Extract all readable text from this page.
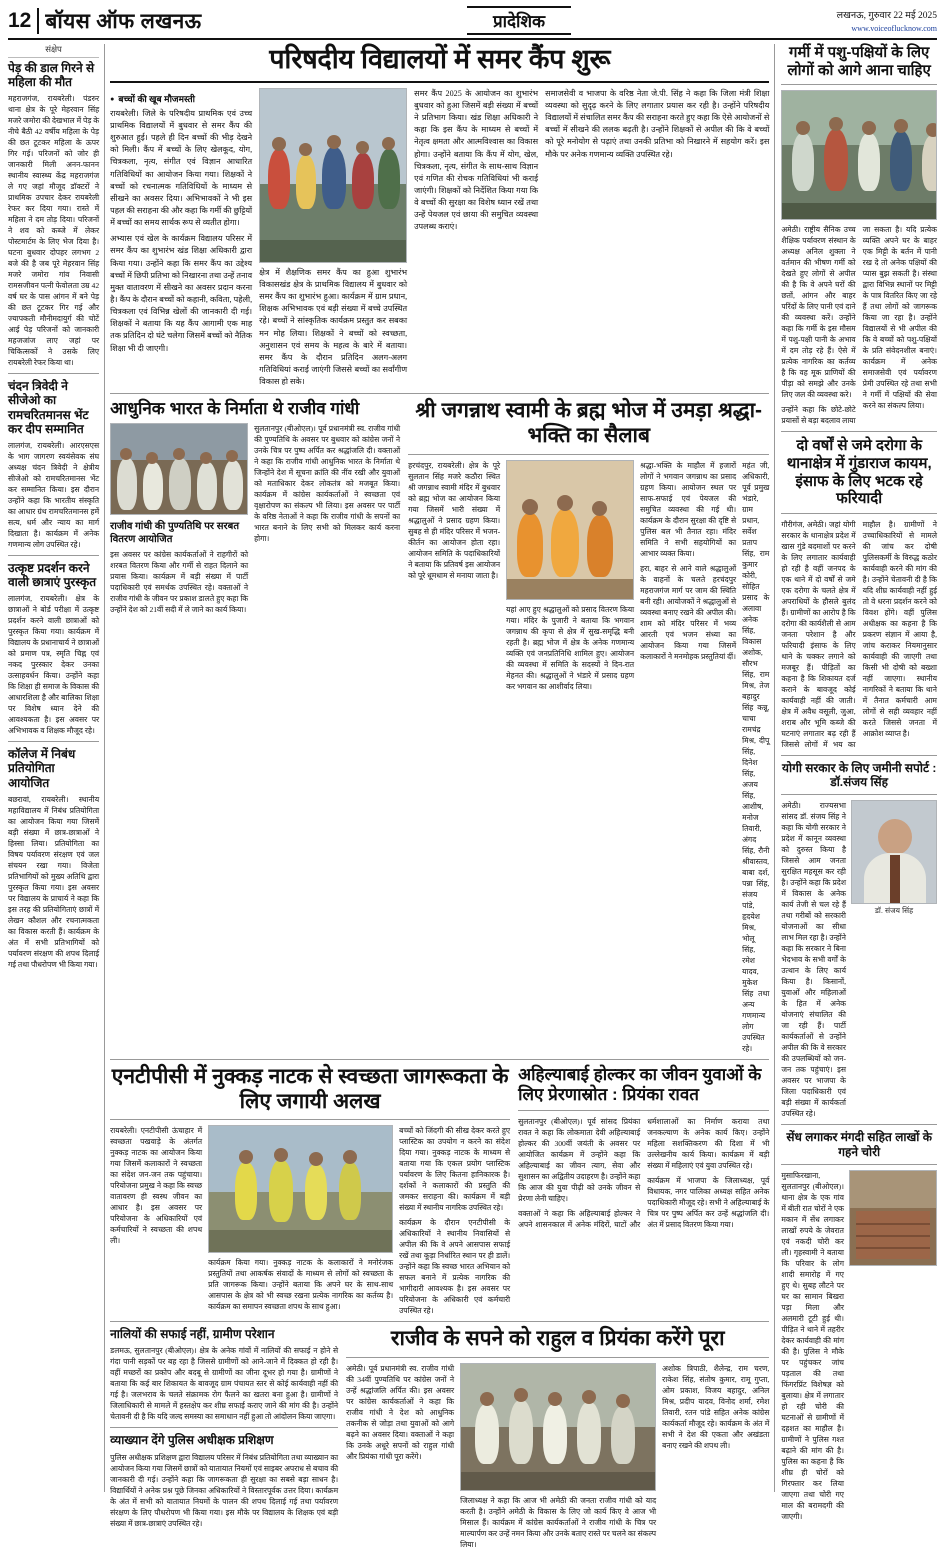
12 बॉयस ऑफ लखनऊ	प्रादेशिक	लखनऊ, गुरुवार 22 मई 2025
www.voiceoflucknow.com
संक्षेप
पेड़ की डाल गिरने से महिला की मौत
महराजगंज, रायबरेली। पंडरुर थाना क्षेत्र के पूरे मेहरवान सिंह मजरे जमोरा की देखभाल में पेड़ के नीचे बैठी 42 वर्षीय महिला के पेड़ की छत टूटकर महिला के ऊपर गिर गई। परिजनों को जोर ही जानकारी मिली अनन-फानन स्थानीय स्वास्थ्य केंद्र महराजगंज ले गए जहां मौजूद डॉक्टरों ने प्राथमिक उपचार देकर रायबरेली रेफर कर दिया गया। रास्ते में महिला ने दम तोड़ दिया। परिजनों ने शव को कब्जे में लेकर पोस्टमार्टम के लिए भेज दिया है। घटना बुधवार दोपहर लगभग 2 बजे की है जब पूरे मेहरवान सिंह मजरे जमोरा गांव निवासी रामसजीवन पत्नी फेवोलता उम्र 42 वर्ष घर के पास आंगन में बने पेड़ की छत टूटकर गिर गई और ज्यापकती मौनीमदायुर्ग की चोटें आई पेड़ परिजनों को जानकारी महजजांज लाए जहां पर चिकित्सकों ने उसके लिए रायबरेली रेफर किया था।
चंदन त्रिवेदी ने सीजेओ का रामचरितमानस भेंट कर दीप सम्मानित
लालगंज, रायबरेली। आरएसएस के भाग जागरण स्वयंसेवक संघ अध्यक्ष चंदन त्रिवेदी ने क्षेत्रीय सीजेओ को रामचरितमानस भेंट कर सम्मानित किया। इस दौरान उन्होंने कहा कि भारतीय संस्कृति का आधार ग्रंथ रामचरितमानस हमें सत्य, धर्म और न्याय का मार्ग दिखाता है। कार्यक्रम में अनेक गणमान्य लोग उपस्थित रहे।
उत्कृष्ट प्रदर्शन करने वाली छात्राएं पुरस्कृत
लालगंज, रायबरेली। क्षेत्र के छात्राओं ने बोर्ड परीक्षा में उत्कृष्ट प्रदर्शन करने वाली छात्राओं को पुरस्कृत किया गया। कार्यक्रम में विद्यालय के प्रधानाचार्य ने छात्राओं को प्रमाण पत्र, स्मृति चिह्न एवं नकद पुरस्कार देकर उनका उत्साहवर्धन किया। उन्होंने कहा कि शिक्षा ही समाज के विकास की आधारशिला है और बालिका शिक्षा पर विशेष ध्यान देने की आवश्यकता है। इस अवसर पर अभिभावक व शिक्षक मौजूद रहे।
कॉलेज में निबंध प्रतियोगिता आयोजित
बछरावां, रायबरेली। स्थानीय महाविद्यालय में निबंध प्रतियोगिता का आयोजन किया गया जिसमें बड़ी संख्या में छात्र-छात्राओं ने हिस्सा लिया। प्रतियोगिता का विषय पर्यावरण संरक्षण एवं जल संचयन रखा गया। विजेता प्रतिभागियों को मुख्य अतिथि द्वारा पुरस्कृत किया गया। इस अवसर पर विद्यालय के प्राचार्य ने कहा कि इस तरह की प्रतियोगिताएं छात्रों में लेखन कौशल और रचनात्मकता का विकास करती हैं। कार्यक्रम के अंत में सभी प्रतिभागियों को पर्यावरण संरक्षण की शपथ दिलाई गई तथा पौधरोपण भी किया गया।
परिषदीय विद्यालयों में समर कैंप शुरू
● बच्चों की खूब मौजमस्ती
रायबरेली। जिले के परिषदीय प्राथमिक एवं उच्च प्राथमिक विद्यालयों में बुधवार से समर कैंप की शुरुआत हुई। पहले ही दिन बच्चों की भीड़ देखने को मिली। कैंप में बच्चों के लिए खेलकूद, योग, चित्रकला, नृत्य, संगीत एवं विज्ञान आधारित गतिविधियों का आयोजन किया गया। शिक्षकों ने बच्चों को रचनात्मक गतिविधियों के माध्यम से सीखने का अवसर दिया। अभिभावकों ने भी इस पहल की सराहना की और कहा कि गर्मी की छुट्टियों में बच्चों का समय सार्थक रूप से व्यतीत होगा।
अभ्यास एवं खेल के कार्यक्रम विद्यालय परिसर में समर कैंप का शुभारंभ खंड शिक्षा अधिकारी द्वारा किया गया। उन्होंने कहा कि समर कैंप का उद्देश्य बच्चों में छिपी प्रतिभा को निखारना तथा उन्हें तनाव मुक्त वातावरण में सीखने का अवसर प्रदान करना है। कैंप के दौरान बच्चों को कहानी, कविता, पहेली, चित्रकला एवं विभिन्न खेलों की जानकारी दी गई। शिक्षकों ने बताया कि यह कैंप आगामी एक माह तक प्रतिदिन दो घंटे चलेगा जिसमें बच्चों को नैतिक शिक्षा भी दी जाएगी।
क्षेत्र में शैक्षणिक समर कैंप का हुआ शुभारंभ विकासखंड क्षेत्र के प्राथमिक विद्यालय में बुधवार को समर कैंप का शुभारंभ हुआ। कार्यक्रम में ग्राम प्रधान, शिक्षक अभिभावक एवं बड़ी संख्या में बच्चे उपस्थित रहे। बच्चों ने सांस्कृतिक कार्यक्रम प्रस्तुत कर सबका मन मोह लिया। शिक्षकों ने बच्चों को स्वच्छता, अनुशासन एवं समय के महत्व के बारे में बताया। समर कैंप के दौरान प्रतिदिन अलग-अलग गतिविधियां कराई जाएंगी जिससे बच्चों का सर्वांगीण विकास हो सके।
समर कैंप 2025 के आयोजन का शुभारंभ बुधवार को हुआ जिसमें बड़ी संख्या में बच्चों ने प्रतिभाग किया। खंड शिक्षा अधिकारी ने कहा कि इस कैंप के माध्यम से बच्चों में नेतृत्व क्षमता और आत्मविश्वास का विकास होगा। उन्होंने बताया कि कैंप में योग, खेल, चित्रकला, नृत्य, संगीत के साथ-साथ विज्ञान एवं गणित की रोचक गतिविधियां भी कराई जाएंगी। शिक्षकों को निर्देशित किया गया कि वे बच्चों की सुरक्षा का विशेष ध्यान रखें तथा उन्हें पेयजल एवं छाया की समुचित व्यवस्था उपलब्ध कराएं।
समाजसेवी व भाजपा के वरिष्ठ नेता जे.पी. सिंह ने कहा कि जिला मंत्री शिक्षा व्यवस्था को सुदृढ़ करने के लिए लगातार प्रयास कर रही है। उन्होंने परिषदीय विद्यालयों में संचालित समर कैंप की सराहना करते हुए कहा कि ऐसे आयोजनों से बच्चों में सीखने की ललक बढ़ती है। उन्होंने शिक्षकों से अपील की कि वे बच्चों को पूरे मनोयोग से पढ़ाएं तथा उनकी प्रतिभा को निखारने में सहयोग करें। इस मौके पर अनेक गणमान्य व्यक्ति उपस्थित रहे।
आधुनिक भारत के निर्माता थे राजीव गांधी
राजीव गांधी की पुण्यतिथि पर सरबत वितरण आयोजित
इस अवसर पर कांग्रेस कार्यकर्ताओं ने राहगीरों को शरबत वितरण किया और गर्मी से राहत दिलाने का प्रयास किया। कार्यक्रम में बड़ी संख्या में पार्टी पदाधिकारी एवं समर्थक उपस्थित रहे। वक्ताओं ने राजीव गांधी के जीवन पर प्रकाश डालते हुए कहा कि उन्होंने देश को 21वीं सदी में ले जाने का कार्य किया।
सुलतानपुर (बीओएल)। पूर्व प्रधानमंत्री स्व. राजीव गांधी की पुण्यतिथि के अवसर पर बुधवार को कांग्रेस जनों ने उनके चित्र पर पुष्प अर्पित कर श्रद्धांजलि दी। वक्ताओं ने कहा कि राजीव गांधी आधुनिक भारत के निर्माता थे जिन्होंने देश में सूचना क्रांति की नींव रखी और युवाओं को मताधिकार देकर लोकतंत्र को मजबूत किया। कार्यक्रम में कांग्रेस कार्यकर्ताओं ने स्वच्छता एवं वृक्षारोपण का संकल्प भी लिया। इस अवसर पर पार्टी के वरिष्ठ नेताओं ने कहा कि राजीव गांधी के सपनों का भारत बनाने के लिए सभी को मिलकर कार्य करना होगा।
श्री जगन्नाथ स्वामी के ब्रह्म भोज में उमड़ा श्रद्धा-भक्ति का सैलाब
हरचंदपुर, रायबरेली। क्षेत्र के पूरे सुलतान सिंह मजरे कठौरा स्थित श्री जगन्नाथ स्वामी मंदिर में बुधवार को ब्रह्म भोज का आयोजन किया गया जिसमें भारी संख्या में श्रद्धालुओं ने प्रसाद ग्रहण किया। सुबह से ही मंदिर परिसर में भजन-कीर्तन का आयोजन होता रहा। आयोजन समिति के पदाधिकारियों ने बताया कि प्रतिवर्ष इस आयोजन को पूरे धूमधाम से मनाया जाता है।
यहां आए हुए श्रद्धालुओं को प्रसाद वितरण किया गया। मंदिर के पुजारी ने बताया कि भगवान जगन्नाथ की कृपा से क्षेत्र में सुख-समृद्धि बनी रहती है। ब्रह्म भोज में क्षेत्र के अनेक गणमान्य व्यक्ति एवं जनप्रतिनिधि शामिल हुए। आयोजन की व्यवस्था में समिति के सदस्यों ने दिन-रात मेहनत की। श्रद्धालुओं ने भंडारे में प्रसाद ग्रहण कर भगवान का आशीर्वाद लिया।
श्रद्धा-भक्ति के माहौल में हजारों लोगों ने भगवान जगन्नाथ का प्रसाद ग्रहण किया। आयोजन स्थल पर साफ-सफाई एवं पेयजल की समुचित व्यवस्था की गई थी। कार्यक्रम के दौरान सुरक्षा की दृष्टि से पुलिस बल भी तैनात रहा। मंदिर समिति ने सभी सहयोगियों का आभार व्यक्त किया।
हरा, बाहर से आने वाले श्रद्धालुओं के वाहनों के चलते हरचंदपुर महराजगंज मार्ग पर जाम की स्थिति बनी रही। आयोजकों ने श्रद्धालुओं से व्यवस्था बनाए रखने की अपील की। शाम को मंदिर परिसर में भव्य आरती एवं भजन संध्या का आयोजन किया गया जिसमें कलाकारों ने मनमोहक प्रस्तुतियां दीं।
महंत जी, अधिकारी, पूर्व प्रमुख भंडारे, ग्राम प्रधान, सर्वेश प्रताप सिंह, राम कुमार कोरी, सोहित प्रसाद के अलावा अनेक सिंह, विकास अशोक, सौरभ सिंह, राम मिश्र, तेज बहादुर सिंह कन्नू, चाचा रामचंद्र मिश्र, दीपू सिंह, दिनेश सिंह, अजय सिंह, आशीष, मनोज तिवारी, अंगद सिंह, रौनी श्रीवास्तव, बाबा दर्श, पन्ना सिंह, संजय पांडे, हृदयेश मिश्र, भोलू सिंह, रमेश यादव, मुकेश सिंह तथा अन्य गणमान्य लोग उपस्थित रहे।
एनटीपीसी में नुक्कड़ नाटक से स्वच्छता जागरूकता के लिए जगायी अलख
रायबरेली। एनटीपीसी ऊंचाहार में स्वच्छता पखवाड़े के अंतर्गत नुक्कड़ नाटक का आयोजन किया गया जिसमें कलाकारों ने स्वच्छता का संदेश जन-जन तक पहुंचाया। परियोजना प्रमुख ने कहा कि स्वच्छ वातावरण ही स्वस्थ जीवन का आधार है। इस अवसर पर परियोजना के अधिकारियों एवं कर्मचारियों ने स्वच्छता की शपथ ली।
कार्यक्रम किया गया। नुक्कड़ नाटक के कलाकारों ने मनोरंजक प्रस्तुतियों तथा आकर्षक संवादों के माध्यम से लोगों को स्वच्छता के प्रति जागरूक किया। उन्होंने बताया कि अपने घर के साथ-साथ आसपास के क्षेत्र को भी स्वच्छ रखना प्रत्येक नागरिक का कर्तव्य है। कार्यक्रम का समापन स्वच्छता शपथ के साथ हुआ।
बच्चों को जिंदगी की सीख देकर करते हुए प्लास्टिक का उपयोग न करने का संदेश दिया गया। नुक्कड़ नाटक के माध्यम से बताया गया कि एकल प्रयोग प्लास्टिक पर्यावरण के लिए कितना हानिकारक है। दर्शकों ने कलाकारों की प्रस्तुति की जमकर सराहना की। कार्यक्रम में बड़ी संख्या में स्थानीय नागरिक उपस्थित रहे।
कार्यक्रम के दौरान एनटीपीसी के अधिकारियों ने स्थानीय निवासियों से अपील की कि वे अपने आसपास सफाई रखें तथा कूड़ा निर्धारित स्थान पर ही डालें। उन्होंने कहा कि स्वच्छ भारत अभियान को सफल बनाने में प्रत्येक नागरिक की भागीदारी आवश्यक है। इस अवसर पर परियोजना के अधिकारी एवं कर्मचारी उपस्थित रहे।
अहिल्याबाई होल्कर का जीवन युवाओं के लिए प्रेरणास्रोत : प्रियंका रावत
सुलतानपुर (बीओएल)। पूर्व सांसद प्रियंका रावत ने कहा कि लोकमाता देवी अहिल्याबाई होल्कर की 300वीं जयंती के अवसर पर आयोजित कार्यक्रम में उन्होंने कहा कि अहिल्याबाई का जीवन त्याग, सेवा और सुशासन का अद्वितीय उदाहरण है। उन्होंने कहा कि आज की युवा पीढ़ी को उनके जीवन से प्रेरणा लेनी चाहिए।
वक्ताओं ने कहा कि अहिल्याबाई होल्कर ने अपने शासनकाल में अनेक मंदिरों, घाटों और धर्मशालाओं का निर्माण कराया तथा जनकल्याण के अनेक कार्य किए। उन्होंने महिला सशक्तिकरण की दिशा में भी उल्लेखनीय कार्य किया। कार्यक्रम में बड़ी संख्या में महिलाएं एवं युवा उपस्थित रहे।
कार्यक्रम में भाजपा के जिलाध्यक्ष, पूर्व विधायक, नगर पालिका अध्यक्ष सहित अनेक पदाधिकारी मौजूद रहे। सभी ने अहिल्याबाई के चित्र पर पुष्प अर्पित कर उन्हें श्रद्धांजलि दी। अंत में प्रसाद वितरण किया गया।
नालियों की सफाई नहीं, ग्रामीण परेशान
डलमऊ, सुलतानपुर (बीओएल)। क्षेत्र के अनेक गांवों में नालियों की सफाई न होने से गंदा पानी सड़कों पर बह रहा है जिससे ग्रामीणों को आने-जाने में दिक्कत हो रही है। वहीं मच्छरों का प्रकोप और बदबू से ग्रामीणों का जीना दूभर हो गया है। ग्रामीणों ने बताया कि कई बार शिकायत के बावजूद ग्राम पंचायत स्तर से कोई कार्यवाही नहीं की गई है। जलभराव के चलते संक्रामक रोग फैलने का खतरा बना हुआ है। ग्रामीणों ने जिलाधिकारी से मामले में हस्तक्षेप कर शीघ्र सफाई कराए जाने की मांग की है। उन्होंने चेतावनी दी है कि यदि जल्द समस्या का समाधान नहीं हुआ तो आंदोलन किया जाएगा।
व्याख्यान देंगे पुलिस अधीक्षक प्रशिक्षण
पुलिस अधीक्षक प्रशिक्षण द्वारा विद्यालय परिसर में निबंध प्रतियोगिता तथा व्याख्यान का आयोजन किया गया जिसमें छात्रों को यातायात नियमों एवं साइबर अपराध से बचाव की जानकारी दी गई। उन्होंने कहा कि जागरूकता ही सुरक्षा का सबसे बड़ा साधन है। विद्यार्थियों ने अनेक प्रश्न पूछे जिनका अधिकारियों ने विस्तारपूर्वक उत्तर दिया। कार्यक्रम के अंत में सभी को यातायात नियमों के पालन की शपथ दिलाई गई तथा पर्यावरण संरक्षण के लिए पौधरोपण भी किया गया। इस मौके पर विद्यालय के शिक्षक एवं बड़ी संख्या में छात्र-छात्राएं उपस्थित रहे।
राजीव के सपने को राहुल व प्रियंका करेंगे पूरा
अमेठी। पूर्व प्रधानमंत्री स्व. राजीव गांधी की 34वीं पुण्यतिथि पर कांग्रेस जनों ने उन्हें श्रद्धांजलि अर्पित की। इस अवसर पर कांग्रेस कार्यकर्ताओं ने कहा कि राजीव गांधी ने देश को आधुनिक तकनीक से जोड़ा तथा युवाओं को आगे बढ़ने का अवसर दिया। वक्ताओं ने कहा कि उनके अधूरे सपनों को राहुल गांधी और प्रियंका गांधी पूरा करेंगे।
जिलाध्यक्ष ने कहा कि आज भी अमेठी की जनता राजीव गांधी को याद करती है। उन्होंने अमेठी के विकास के लिए जो कार्य किए वे आज भी मिसाल हैं। कार्यक्रम में कांग्रेस कार्यकर्ताओं ने राजीव गांधी के चित्र पर माल्यार्पण कर उन्हें नमन किया और उनके बताए रास्ते पर चलने का संकल्प लिया।
अशोक त्रिपाठी, शैलेन्द्र, राम चरण, राकेश सिंह, संतोष कुमार, रामू गुप्ता, ओम प्रकाश, विजय बहादुर, अनिल मिश्र, प्रदीप यादव, विनोद शर्मा, रमेश तिवारी, रतन पांडे सहित अनेक कांग्रेस कार्यकर्ता मौजूद रहे। कार्यक्रम के अंत में सभी ने देश की एकता और अखंडता बनाए रखने की शपथ ली।
गर्मी में पशु-पक्षियों के लिए लोगों को आगे आना चाहिए
अमेठी। राष्ट्रीय सैनिक उच्च शैक्षिक पर्यावरण संस्थान के अध्यक्ष अनिल शुक्ला ने वर्तमान की भीषण गर्मी को देखते हुए लोगों से अपील की है कि वे अपने घरों की छतों, आंगन और बाहर परिंदों के लिए पानी एवं दाने की व्यवस्था करें। उन्होंने कहा कि गर्मी के इस मौसम में पशु-पक्षी पानी के अभाव में दम तोड़ रहे हैं। ऐसे में प्रत्येक नागरिक का कर्तव्य है कि वह मूक प्राणियों की पीड़ा को समझे और उनके लिए जल की व्यवस्था करे।
उन्होंने कहा कि छोटे-छोटे प्रयासों से बड़ा बदलाव लाया जा सकता है। यदि प्रत्येक व्यक्ति अपने घर के बाहर एक मिट्टी के बर्तन में पानी रख दे तो अनेक पक्षियों की प्यास बुझ सकती है। संस्था द्वारा विभिन्न स्थानों पर मिट्टी के पात्र वितरित किए जा रहे हैं तथा लोगों को जागरूक किया जा रहा है। उन्होंने विद्यालयों से भी अपील की कि वे बच्चों को पशु-पक्षियों के प्रति संवेदनशील बनाएं। कार्यक्रम में अनेक समाजसेवी एवं पर्यावरण प्रेमी उपस्थित रहे तथा सभी ने गर्मी में पक्षियों की सेवा करने का संकल्प लिया।
दो वर्षों से जमे दरोगा के थानाक्षेत्र में गुंडाराज कायम, इंसाफ के लिए भटक रहे फरियादी
गौरीगंज, अमेठी। जहां योगी सरकार के थानाक्षेत्र प्रदेश में खास गुंडे बदमाशों पर करने के लिए लगातार कार्यवाही हो रही है वहीं जनपद के एक थाने में दो वर्षों से जमे एक दरोगा के चलते क्षेत्र में अपराधियों के हौसले बुलंद हैं। ग्रामीणों का आरोप है कि दरोगा की कार्यशैली से आम जनता परेशान है और फरियादी इंसाफ के लिए थाने के चक्कर लगाने को मजबूर हैं। पीड़ितों का कहना है कि शिकायत दर्ज कराने के बावजूद कोई कार्यवाही नहीं की जाती। क्षेत्र में अवैध वसूली, जुआ, शराब और भूमि कब्जे की घटनाएं लगातार बढ़ रही हैं जिससे लोगों में भय का माहौल है। ग्रामीणों ने उच्चाधिकारियों से मामले की जांच कर दोषी पुलिसकर्मी के विरुद्ध कठोर कार्यवाही करने की मांग की है। उन्होंने चेतावनी दी है कि यदि शीघ्र कार्यवाही नहीं हुई तो वे धरना प्रदर्शन करने को विवश होंगे। वहीं पुलिस अधीक्षक का कहना है कि प्रकरण संज्ञान में आया है, जांच कराकर नियमानुसार कार्यवाही की जाएगी तथा किसी भी दोषी को बख्शा नहीं जाएगा। स्थानीय नागरिकों ने बताया कि थाने में तैनात कर्मचारी आम लोगों से सही व्यवहार नहीं करते जिससे जनता में आक्रोश व्याप्त है।
योगी सरकार के लिए जमीनी सपोर्ट : डॉ.संजय सिंह
अमेठी। राज्यसभा सांसद डॉ. संजय सिंह ने कहा कि योगी सरकार ने प्रदेश में कानून व्यवस्था को दुरुस्त किया है जिससे आम जनता सुरक्षित महसूस कर रही है। उन्होंने कहा कि प्रदेश में विकास के अनेक कार्य तेजी से चल रहे हैं तथा गरीबों को सरकारी योजनाओं का सीधा लाभ मिल रहा है। उन्होंने कहा कि सरकार ने बिना भेदभाव के सभी वर्गों के उत्थान के लिए कार्य किया है। किसानों, युवाओं और महिलाओं के हित में अनेक योजनाएं संचालित की जा रही हैं। पार्टी कार्यकर्ताओं से उन्होंने अपील की कि वे सरकार की उपलब्धियों को जन-जन तक पहुंचाएं। इस अवसर पर भाजपा के जिला पदाधिकारी एवं बड़ी संख्या में कार्यकर्ता उपस्थित रहे।
डॉ. संजय सिंह
सेंध लगाकर मंगदी सहित लाखों के गहने चोरी
मुसाफिरखाना, सुलतानपुर (बीओएल)। थाना क्षेत्र के एक गांव में बीती रात चोरों ने एक मकान में सेंध लगाकर लाखों रुपये के जेवरात एवं नकदी चोरी कर ली। गृहस्वामी ने बताया कि परिवार के लोग शादी समारोह में गए हुए थे। सुबह लौटने पर घर का सामान बिखरा पड़ा मिला और अलमारी टूटी हुई थी। पीड़ित ने थाने में तहरीर देकर कार्यवाही की मांग की है। पुलिस ने मौके पर पहुंचकर जांच पड़ताल की तथा फिंगरप्रिंट विशेषज्ञ को बुलाया। क्षेत्र में लगातार हो रही चोरी की घटनाओं से ग्रामीणों में दहशत का माहौल है। ग्रामीणों ने पुलिस गश्त बढ़ाने की मांग की है। पुलिस का कहना है कि शीघ्र ही चोरों को गिरफ्तार कर लिया जाएगा तथा चोरी गए माल की बरामदगी की जाएगी।
